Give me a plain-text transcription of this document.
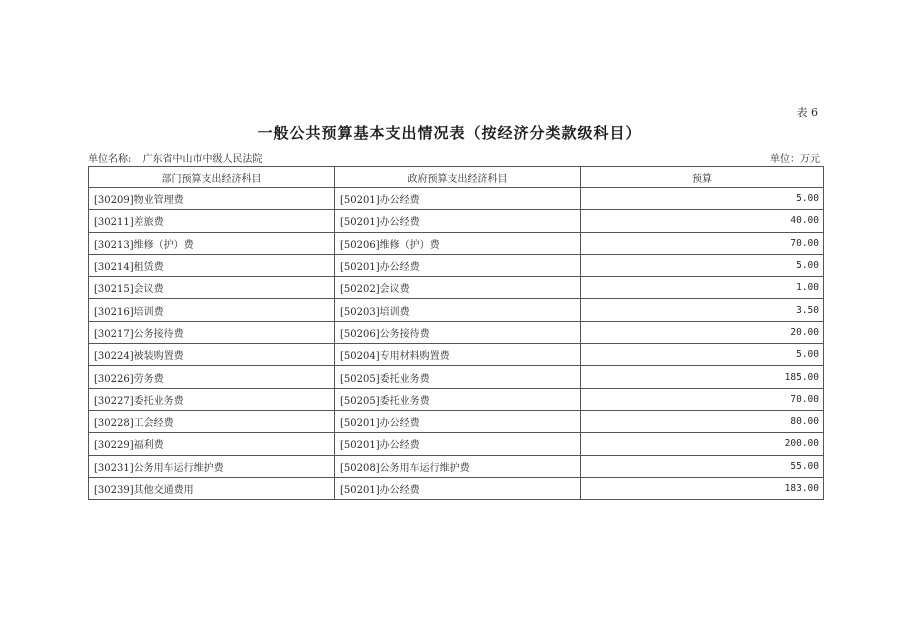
表 6
一般公共预算基本支出情况表（按经济分类款级科目）
单位名称: 广东省中山市中级人民法院	单位：万元
部门预算支出经济科目	政府预算支出经济科目	预算
[30209]物业管理费	[50201]办公经费	5.00
[30211]差旅费	[50201]办公经费	40.00
[30213]维修（护）费	[50206]维修（护）费	70.00
[30214]租赁费	[50201]办公经费	5.00
[30215]会议费	[50202]会议费	1.00
[30216]培训费	[50203]培训费	3.50
[30217]公务接待费	[50206]公务接待费	20.00
[30224]被装购置费	[50204]专用材料购置费	5.00
[30226]劳务费	[50205]委托业务费	185.00
[30227]委托业务费	[50205]委托业务费	70.00
[30228]工会经费	[50201]办公经费	80.00
[30229]福利费	[50201]办公经费	200.00
[30231]公务用车运行维护费	[50208]公务用车运行维护费	55.00
[30239]其他交通费用	[50201]办公经费	183.00
